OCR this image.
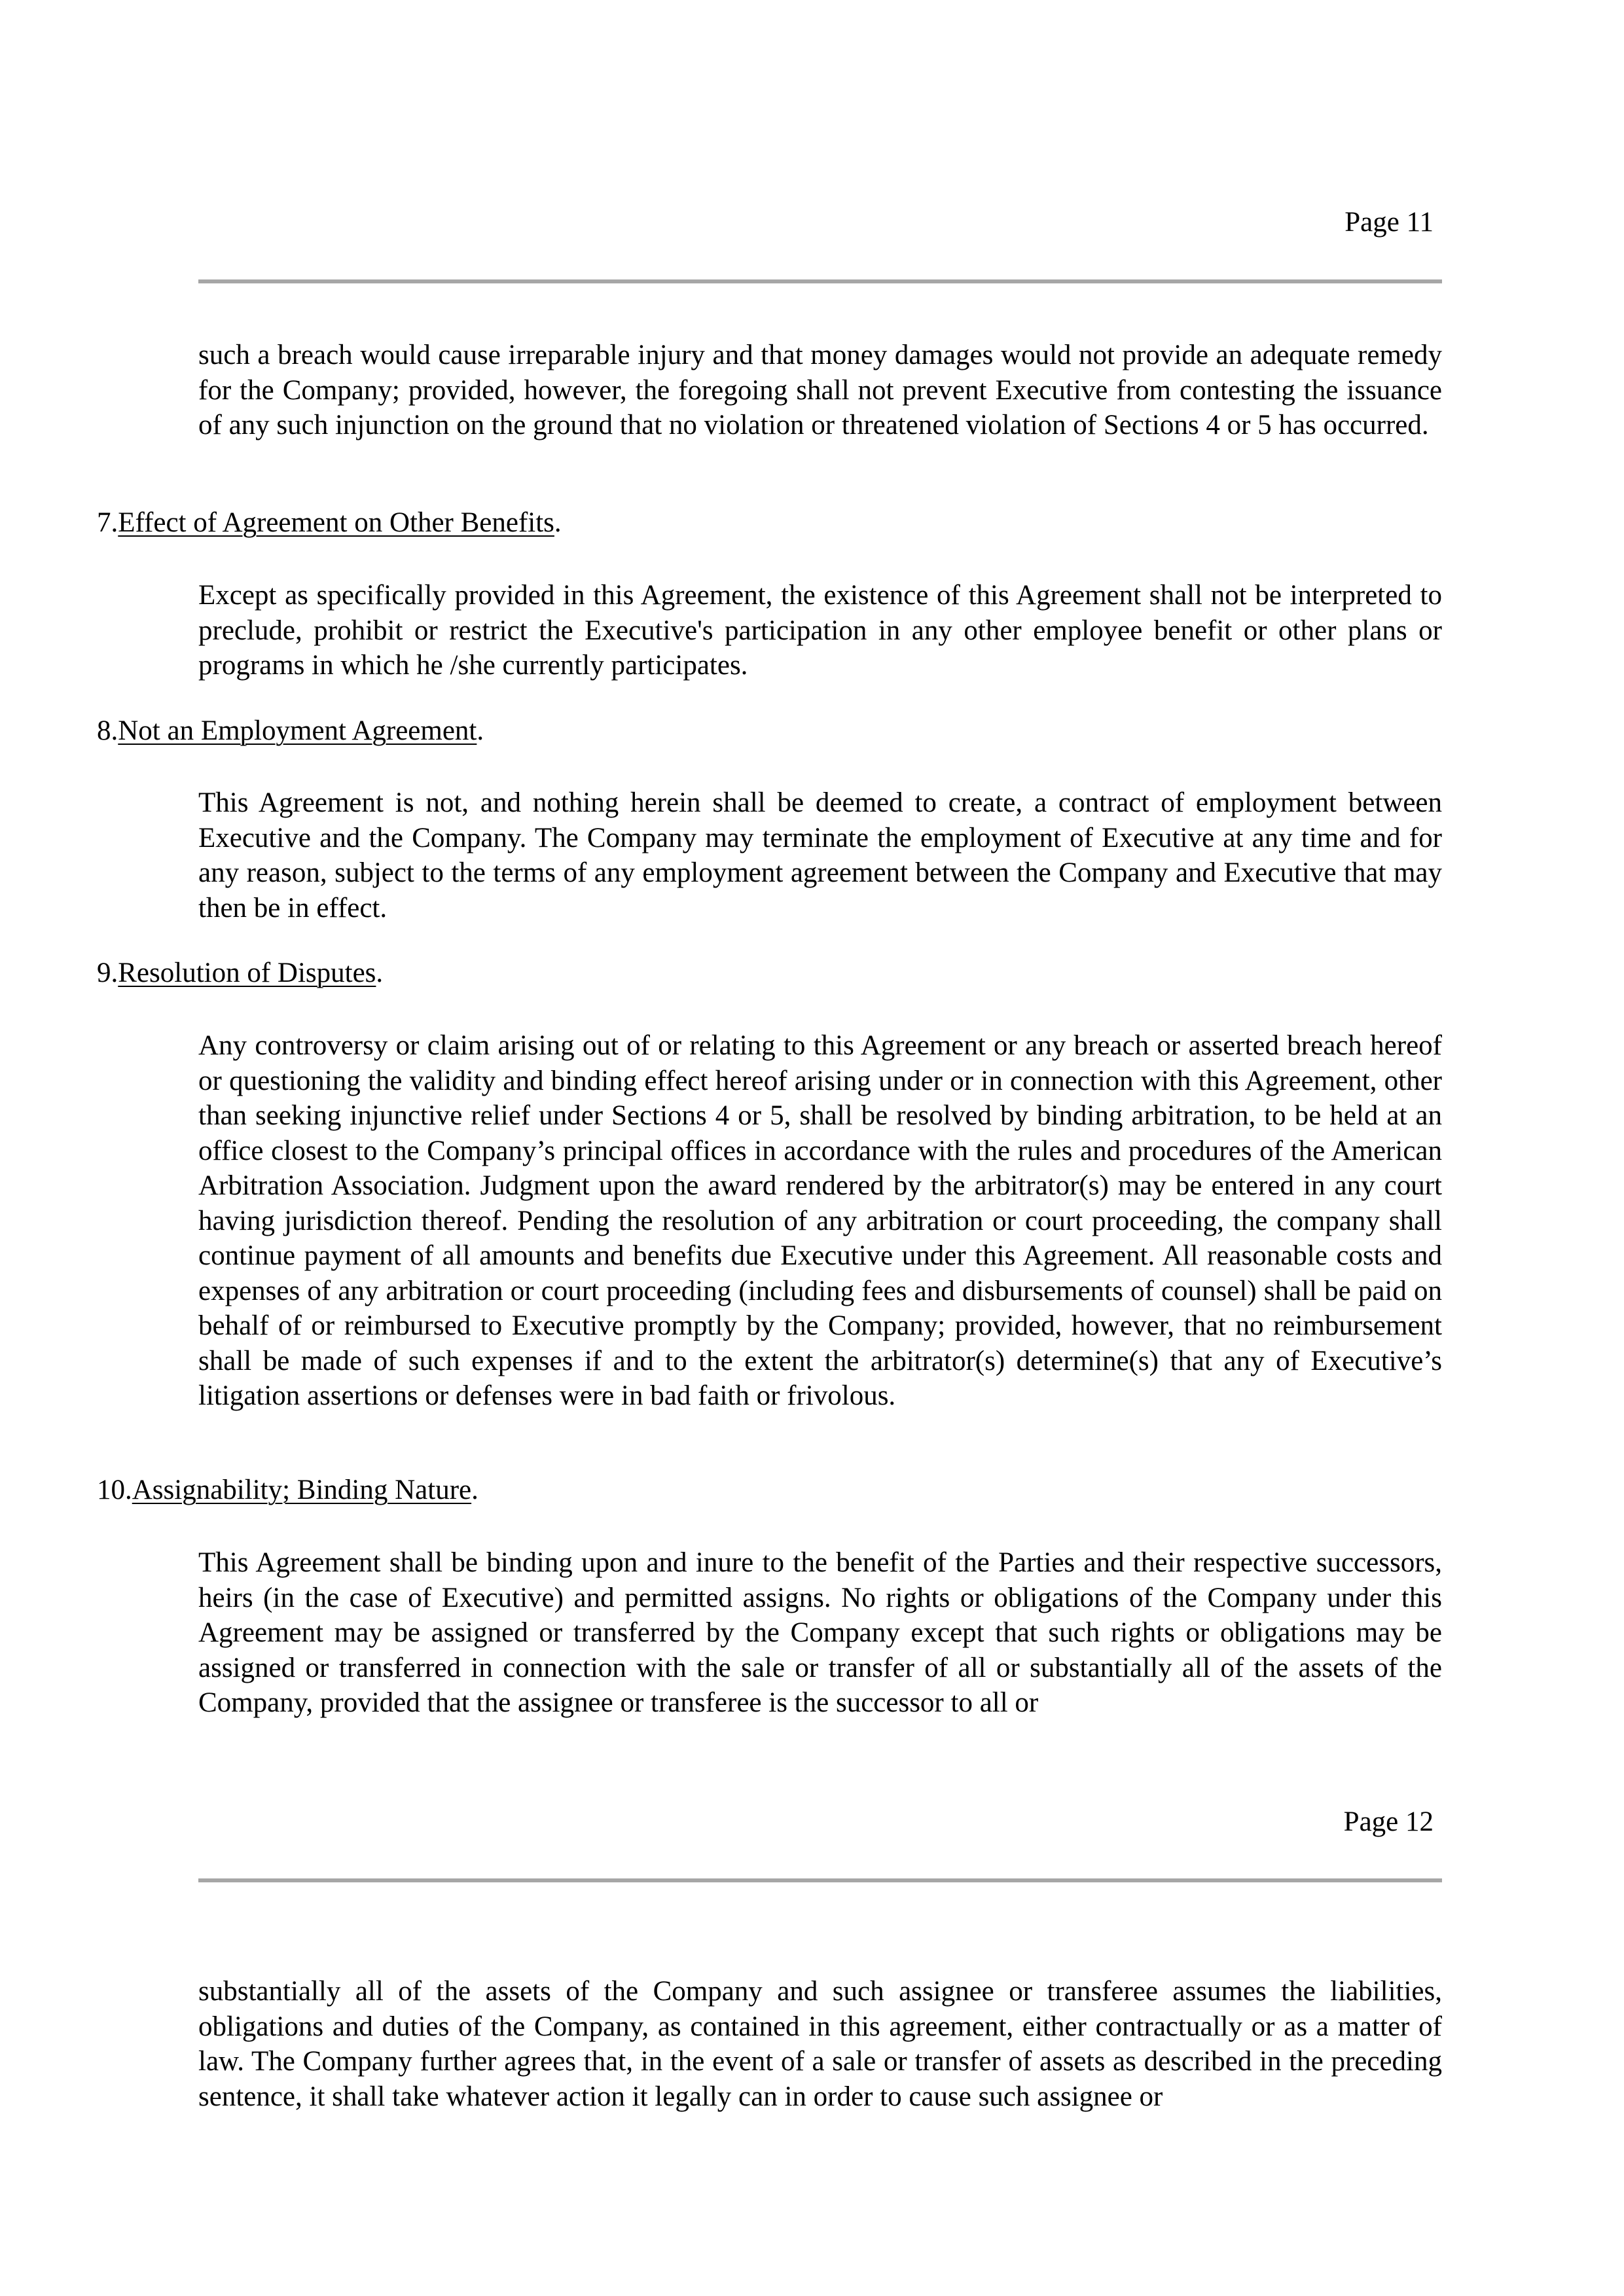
Page 11

such a breach would cause irreparable injury and that money damages would not provide an adequate remedy for the Company; provided, however, the foregoing shall not prevent Executive from contesting the issuance of any such injunction on the ground that no violation or threatened violation of Sections 4 or 5 has occurred.

7.Effect of Agreement on Other Benefits.

Except as specifically provided in this Agreement, the existence of this Agreement shall not be interpreted to preclude, prohibit or restrict the Executive's participation in any other employee benefit or other plans or programs in which he /she currently participates.

8.Not an Employment Agreement.

This Agreement is not, and nothing herein shall be deemed to create, a contract of employment between Executive and the Company. The Company may terminate the employment of Executive at any time and for any reason, subject to the terms of any employment agreement between the Company and Executive that may then be in effect.

9.Resolution of Disputes.

Any controversy or claim arising out of or relating to this Agreement or any breach or asserted breach hereof or questioning the validity and binding effect hereof arising under or in connection with this Agreement, other than seeking injunctive relief under Sections 4 or 5, shall be resolved by binding arbitration, to be held at an office closest to the Company’s principal offices in accordance with the rules and procedures of the American Arbitration Association. Judgment upon the award rendered by the arbitrator(s) may be entered in any court having jurisdiction thereof. Pending the resolution of any arbitration or court proceeding, the company shall continue payment of all amounts and benefits due Executive under this Agreement. All reasonable costs and expenses of any arbitration or court proceeding (including fees and disbursements of counsel) shall be paid on behalf of or reimbursed to Executive promptly by the Company; provided, however, that no reimbursement shall be made of such expenses if and to the extent the arbitrator(s) determine(s) that any of Executive’s litigation assertions or defenses were in bad faith or frivolous.

10.Assignability; Binding Nature.

This Agreement shall be binding upon and inure to the benefit of the Parties and their respective successors, heirs (in the case of Executive) and permitted assigns. No rights or obligations of the Company under this Agreement may be assigned or transferred by the Company except that such rights or obligations may be assigned or transferred in connection with the sale or transfer of all or substantially all of the assets of the Company, provided that the assignee or transferee is the successor to all or

Page 12

substantially all of the assets of the Company and such assignee or transferee assumes the liabilities, obligations and duties of the Company, as contained in this agreement, either contractually or as a matter of law. The Company further agrees that, in the event of a sale or transfer of assets as described in the preceding sentence, it shall take whatever action it legally can in order to cause such assignee or
